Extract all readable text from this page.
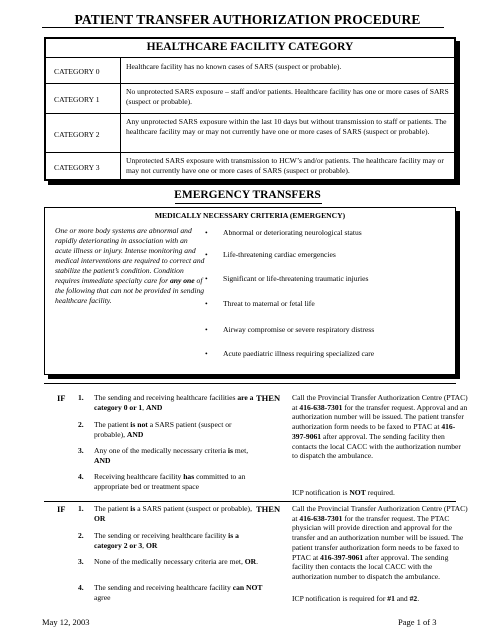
PATIENT TRANSFER AUTHORIZATION PROCEDURE
HEALTHCARE FACILITY CATEGORY
CATEGORY 0
Healthcare facility has no known cases of SARS (suspect or probable).
CATEGORY 1
No unprotected SARS exposure – staff and/or patients. Healthcare facility has one or more cases of SARS (suspect or probable).
CATEGORY 2
Any unprotected SARS exposure within the last 10 days but without transmission to staff or patients. The healthcare facility may or may not currently have one or more cases of SARS (suspect or probable).
CATEGORY 3
Unprotected SARS exposure with transmission to HCW’s and/or patients. The healthcare facility may or may not currently have one or more cases of SARS (suspect or probable).
EMERGENCY TRANSFERS
MEDICALLY NECESSARY CRITERIA (EMERGENCY)
One or more body systems are abnormal and rapidly deteriorating in association with an acute illness or injury. Intense monitoring and medical interventions are required to correct and stabilize the patient’s condition. Condition requires immediate specialty care for any one of the following that can not be provided in sending healthcare facility.
• Abnormal or deteriorating neurological status
• Life-threatening cardiac emergencies
• Significant or life-threatening traumatic injuries
• Threat to maternal or fetal life
• Airway compromise or severe respiratory distress
• Acute paediatric illness requiring specialized care
IF 1. The sending and receiving healthcare facilities are a category 0 or 1, AND
2. The patient is not a SARS patient (suspect or probable), AND
3. Any one of the medically necessary criteria is met, AND
4. Receiving healthcare facility has committed to an appropriate bed or treatment space
THEN Call the Provincial Transfer Authorization Centre (PTAC) at 416-638-7301 for the transfer request. Approval and an authorization number will be issued. The patient transfer authorization form needs to be faxed to PTAC at 416-397-9061 after approval. The sending facility then contacts the local CACC with the authorization number to dispatch the ambulance.
ICP notification is NOT required.
IF 1. The patient is a SARS patient (suspect or probable), OR
2. The sending or receiving healthcare facility is a category 2 or 3, OR
3. None of the medically necessary criteria are met, OR.
4. The sending and receiving healthcare facility can NOT agree
THEN Call the Provincial Transfer Authorization Centre (PTAC) at 416-638-7301 for the transfer request. The PTAC physician will provide direction and approval for the transfer and an authorization number will be issued. The patient transfer authorization form needs to be faxed to PTAC at 416-397-9061 after approval. The sending facility then contacts the local CACC with the authorization number to dispatch the ambulance.
ICP notification is required for #1 and #2.
May 12, 2003	Page 1 of 3
